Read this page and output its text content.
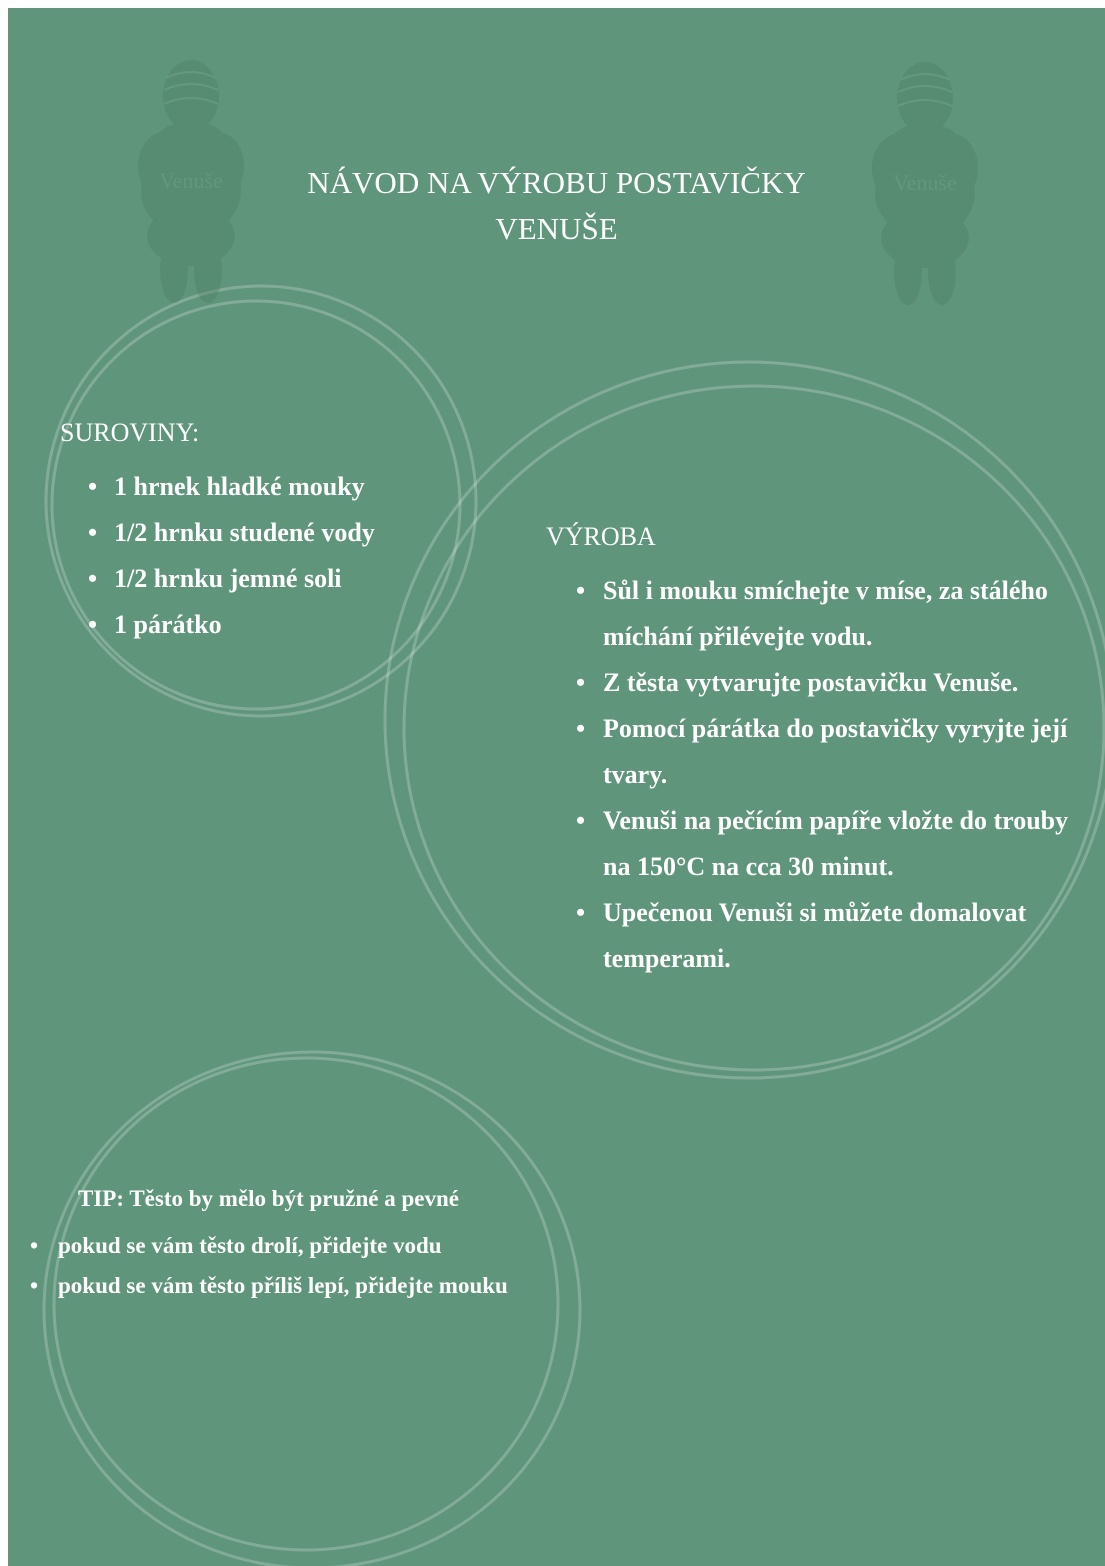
Venuše	Venuše
NÁVOD NA VÝROBU POSTAVIČKY
VENUŠE
SUROVINY:
• 1 hrnek hladké mouky
• 1/2 hrnku studené vody
• 1/2 hrnku jemné soli
• 1 párátko
VÝROBA
• Sůl i mouku smíchejte v míse, za stálého míchání přilévejte vodu.
• Z těsta vytvarujte postavičku Venuše.
• Pomocí párátka do postavičky vyryjte její tvary.
• Venuši na pečícím papíře vložte do trouby na 150°C na cca 30 minut.
• Upečenou Venuši si můžete domalovat temperami.

TIP: Těsto by mělo být pružné a pevné

• pokud se vám těsto drolí, přidejte vodu
• pokud se vám těsto příliš lepí, přidejte mouku
